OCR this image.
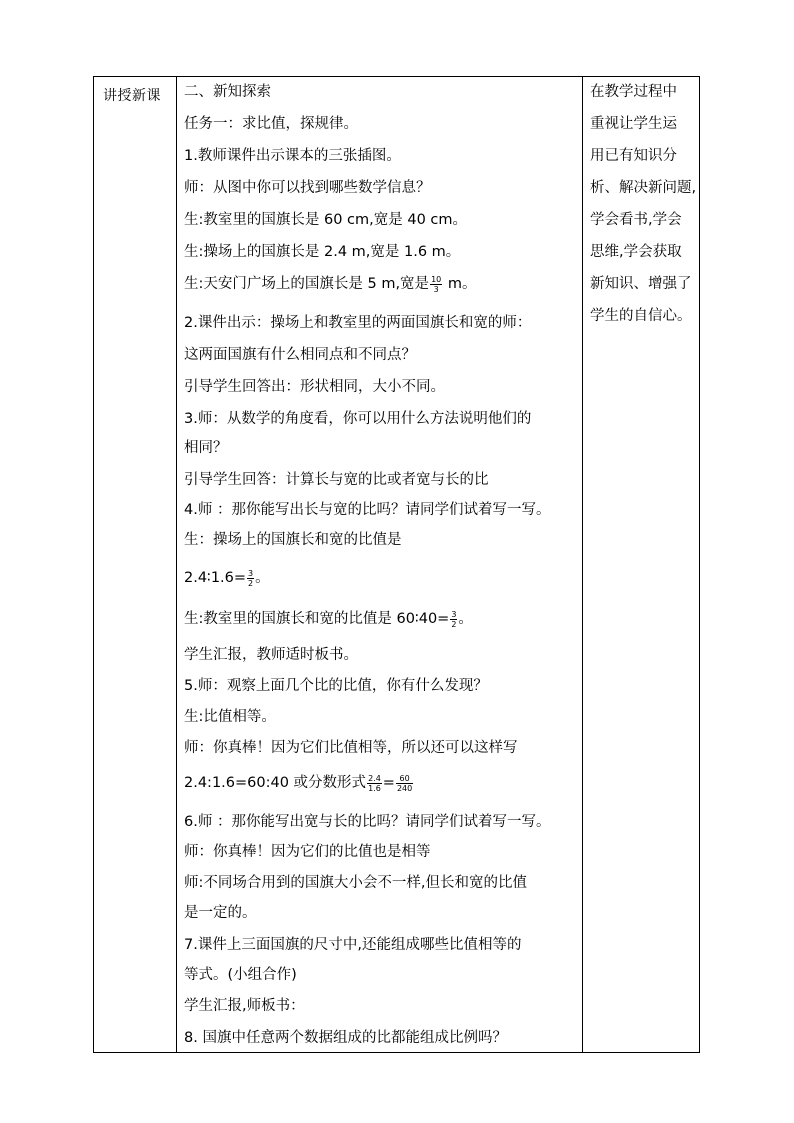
讲授新课 二、新知探索
任务一：求比值，探规律。
1.教师课件出示课本的三张插图。
师：从图中你可以找到哪些数学信息？
生:教室里的国旗长是 60 cm,宽是 40 cm。
生:操场上的国旗长是 2.4 m,宽是 1.6 m。
生:天安门广场上的国旗长是 5 m,宽是 $\frac{10}{3}$ m。
2.课件出示：操场上和教室里的两面国旗长和宽的师：
这两面国旗有什么相同点和不同点？
引导学生回答出：形状相同，大小不同。
3.师：从数学的角度看，你可以用什么方法说明他们的
相同？
引导学生回答：计算长与宽的比或者宽与长的比
4.师 ：那你能写出长与宽的比吗？请同学们试着写一写。
生：操场上的国旗长和宽的比值是
2.4∶1.6= $\frac{3}{2}$ 。
生:教室里的国旗长和宽的比值是 60∶40= $\frac{3}{2}$ 。
学生汇报，教师适时板书。
5.师：观察上面几个比的比值，你有什么发现？
生:比值相等。
师：你真棒！因为它们比值相等，所以还可以这样写
2.4:1.6=60:40 或分数形式 $\frac{2.4}{1.6} = \frac{60}{240}$
6.师 ：那你能写出宽与长的比吗？请同学们试着写一写。
师：你真棒！因为它们的比值也是相等
师:不同场合用到的国旗大小会不一样,但长和宽的比值
是一定的。
7.课件上三面国旗的尺寸中,还能组成哪些比值相等的
等式。(小组合作)
学生汇报,师板书：
8. 国旗中任意两个数据组成的比都能组成比例吗？
在教学过程中
重视让学生运
用已有知识分
析、解决新问题,
学会看书,学会
思维,学会获取
新知识、增强了
学生的自信心。
